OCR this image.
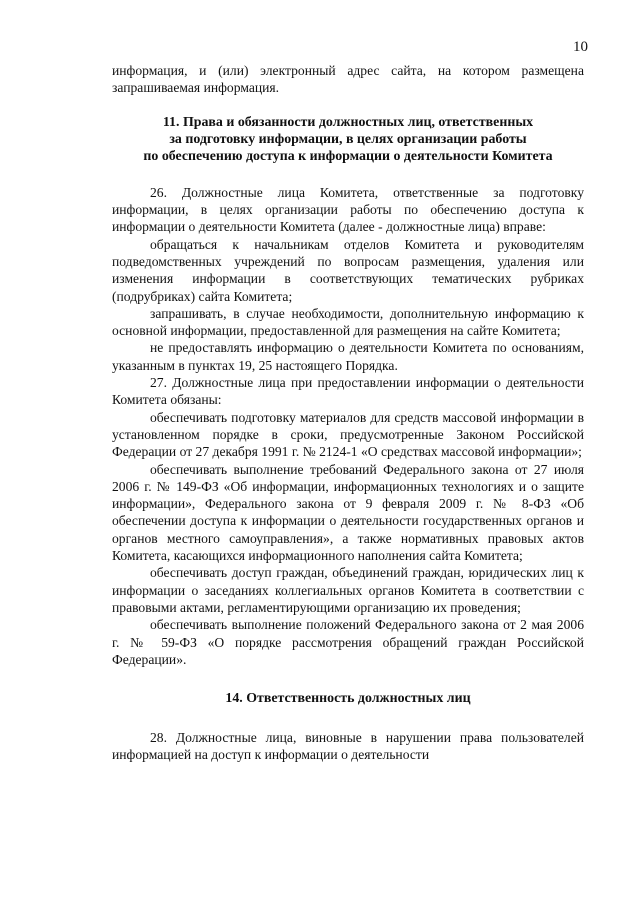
10

информация, и (или) электронный адрес сайта, на котором размещена запрашиваемая информация.

11. Права и обязанности должностных лиц, ответственных
за подготовку информации, в целях организации работы
по обеспечению доступа к информации о деятельности Комитета

26. Должностные лица Комитета, ответственные за подготовку информации, в целях организации работы по обеспечению доступа к информации о деятельности Комитета (далее - должностные лица) вправе:

обращаться к начальникам отделов Комитета и руководителям подведомственных учреждений по вопросам размещения, удаления или изменения информации в соответствующих тематических рубриках (подрубриках) сайта Комитета;

запрашивать, в случае необходимости, дополнительную информацию к основной информации, предоставленной для размещения на сайте Комитета;

не предоставлять информацию о деятельности Комитета по основаниям, указанным в пунктах 19, 25 настоящего Порядка.

27. Должностные лица при предоставлении информации о деятельности Комитета обязаны:

обеспечивать подготовку материалов для средств массовой информации в установленном порядке в сроки, предусмотренные Законом Российской Федерации от 27 декабря 1991 г. № 2124-1 «О средствах массовой информации»;

обеспечивать выполнение требований Федерального закона от 27 июля 2006 г. № 149-ФЗ «Об информации, информационных технологиях и о защите информации», Федерального закона от 9 февраля 2009 г. № 8-ФЗ «Об обеспечении доступа к информации о деятельности государственных органов и органов местного самоуправления», а также нормативных правовых актов Комитета, касающихся информационного наполнения сайта Комитета;

обеспечивать доступ граждан, объединений граждан, юридических лиц к информации о заседаниях коллегиальных органов Комитета в соответствии с правовыми актами, регламентирующими организацию их проведения;

обеспечивать выполнение положений Федерального закона от 2 мая 2006 г. № 59-ФЗ «О порядке рассмотрения обращений граждан Российской Федерации».

14. Ответственность должностных лиц

28. Должностные лица, виновные в нарушении права пользователей информацией на доступ к информации о деятельности
